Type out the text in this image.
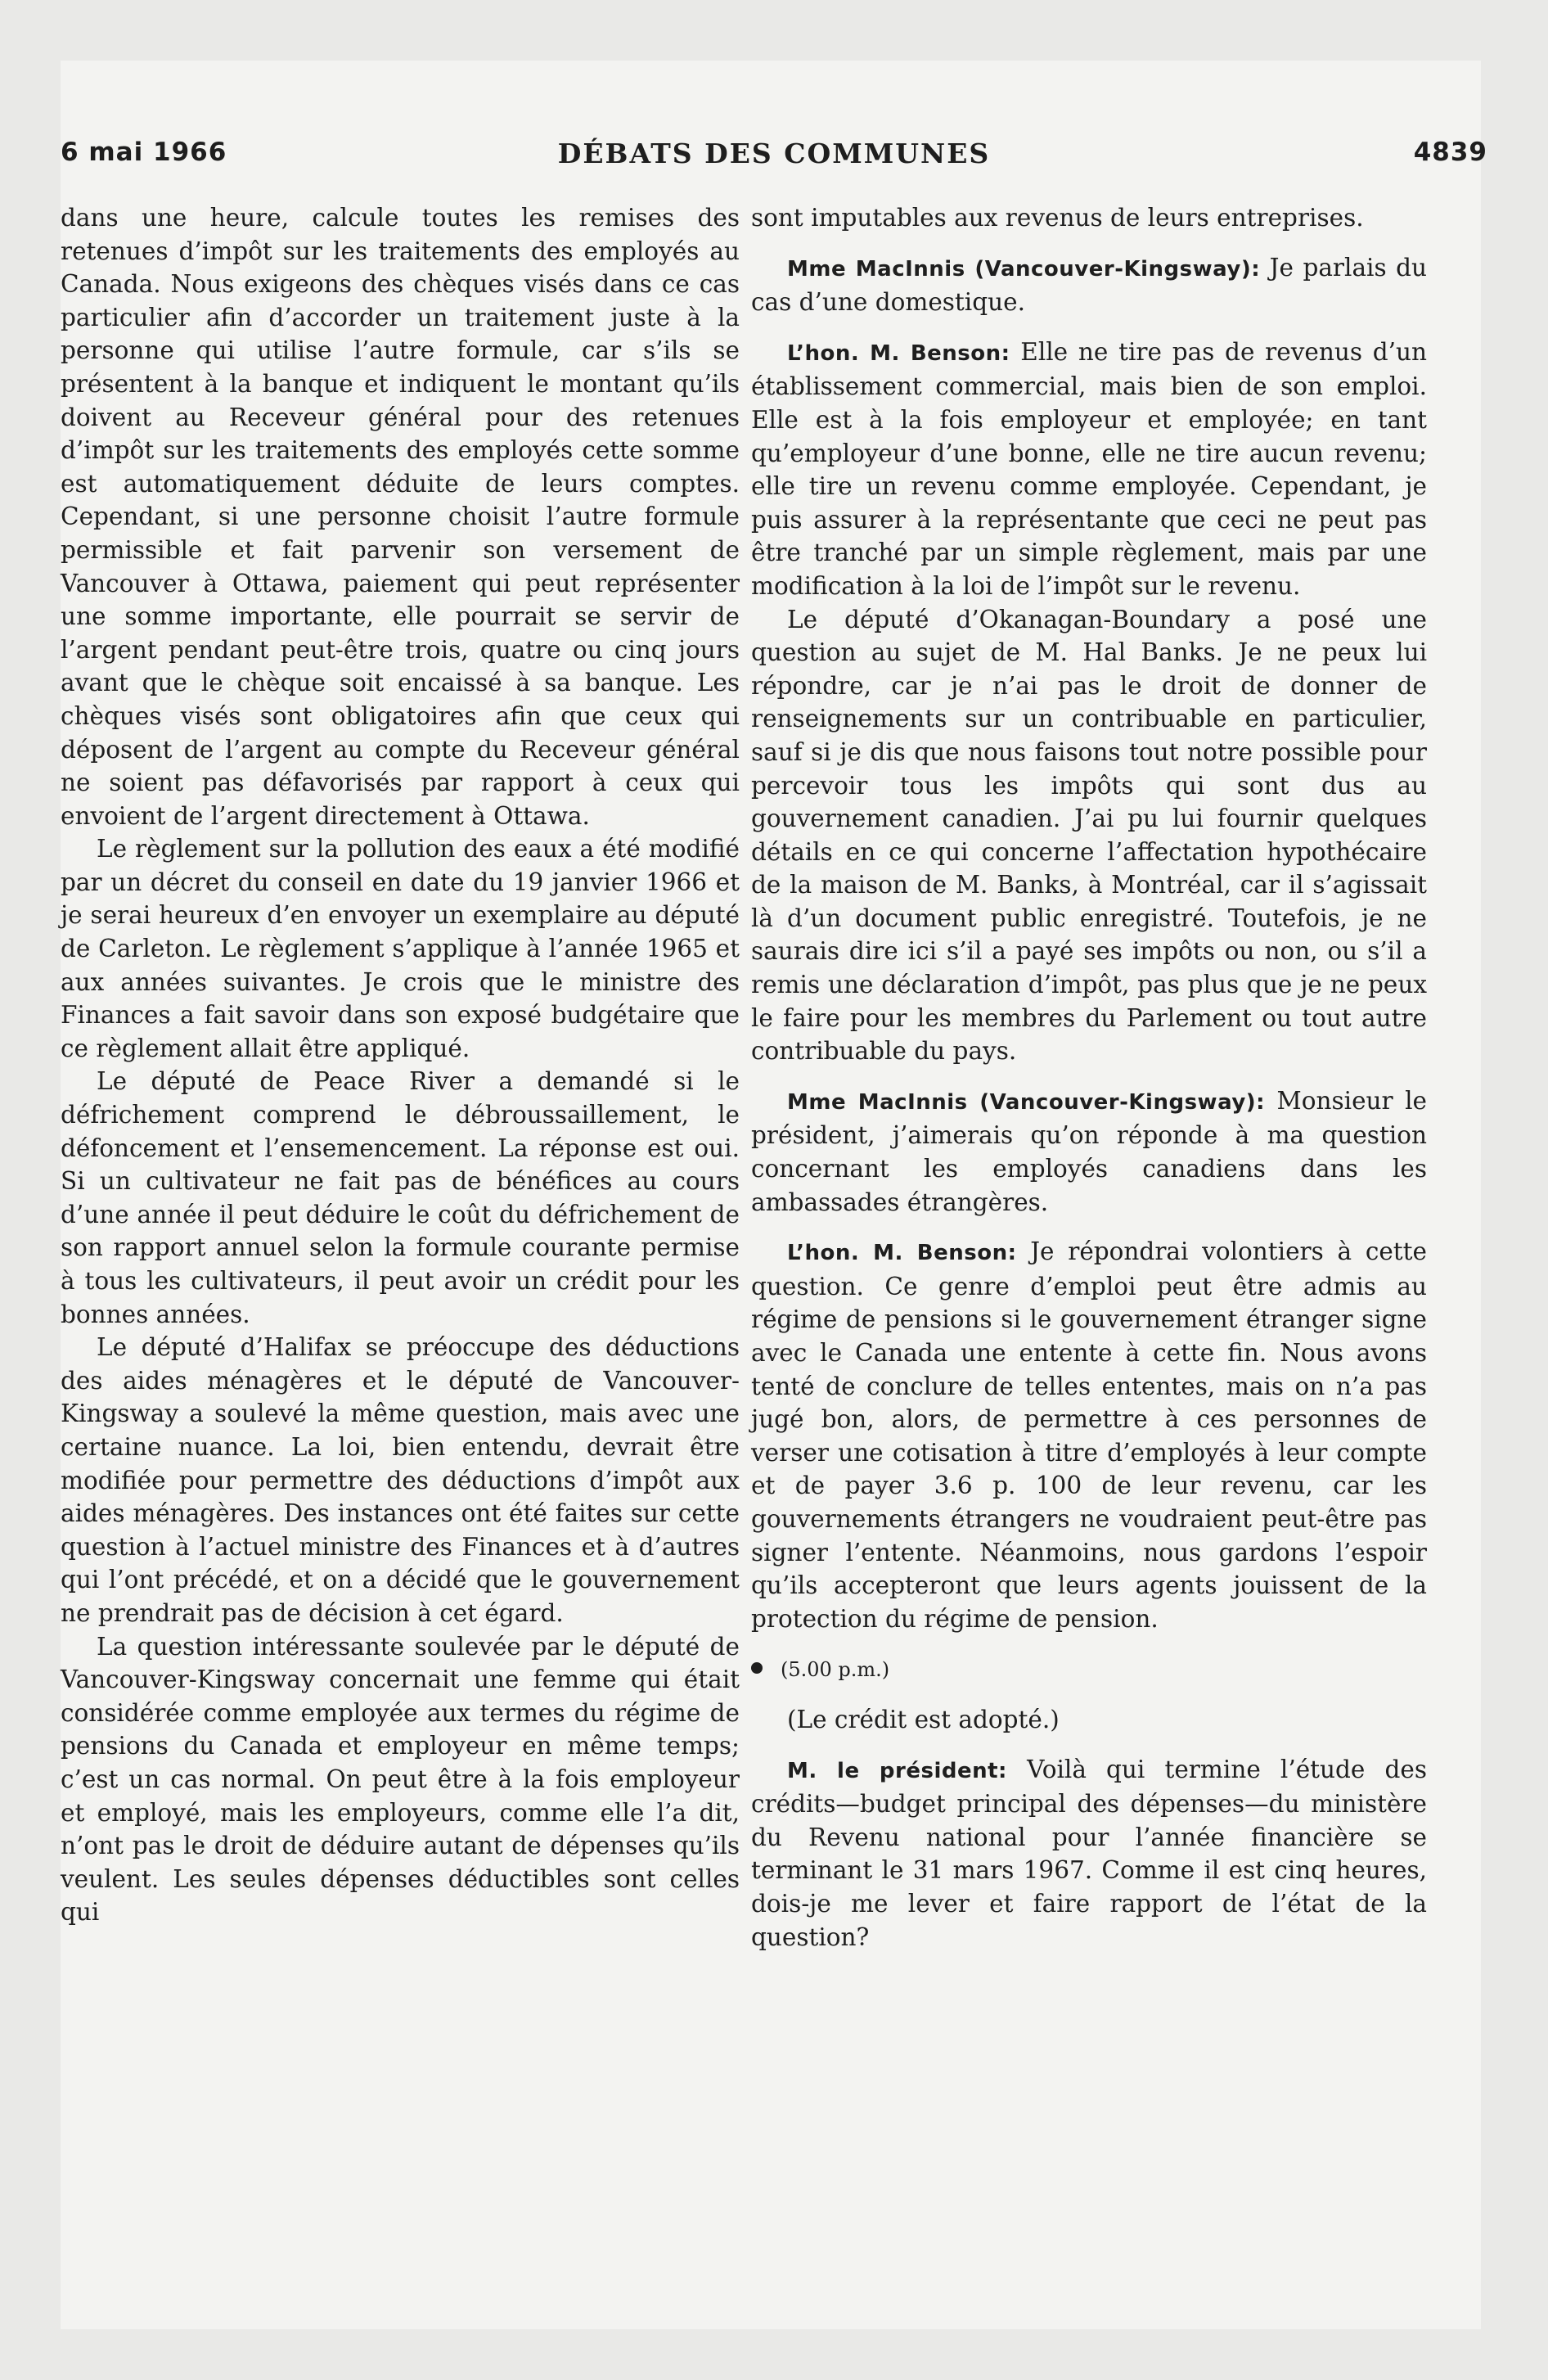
6 mai 1966	DÉBATS DES COMMUNES	4839

dans une heure, calcule toutes les remises des retenues d’impôt sur les traitements des employés au Canada. Nous exigeons des chèques visés dans ce cas particulier afin d’accorder un traitement juste à la personne qui utilise l’autre formule, car s’ils se présentent à la banque et indiquent le montant qu’ils doivent au Receveur général pour des retenues d’impôt sur les traitements des employés cette somme est automatiquement déduite de leurs comptes. Cependant, si une personne choisit l’autre formule permissible et fait parvenir son versement de Vancouver à Ottawa, paiement qui peut représenter une somme importante, elle pourrait se servir de l’argent pendant peut-être trois, quatre ou cinq jours avant que le chèque soit encaissé à sa banque. Les chèques visés sont obligatoires afin que ceux qui déposent de l’argent au compte du Receveur général ne soient pas défavorisés par rapport à ceux qui envoient de l’argent directement à Ottawa.

Le règlement sur la pollution des eaux a été modifié par un décret du conseil en date du 19 janvier 1966 et je serai heureux d’en envoyer un exemplaire au député de Carleton. Le règlement s’applique à l’année 1965 et aux années suivantes. Je crois que le ministre des Finances a fait savoir dans son exposé budgétaire que ce règlement allait être appliqué.

Le député de Peace River a demandé si le défrichement comprend le débroussaillement, le défoncement et l’ensemencement. La réponse est oui. Si un cultivateur ne fait pas de bénéfices au cours d’une année il peut déduire le coût du défrichement de son rapport annuel selon la formule courante permise à tous les cultivateurs, il peut avoir un crédit pour les bonnes années.

Le député d’Halifax se préoccupe des déductions des aides ménagères et le député de Vancouver-Kingsway a soulevé la même question, mais avec une certaine nuance. La loi, bien entendu, devrait être modifiée pour permettre des déductions d’impôt aux aides ménagères. Des instances ont été faites sur cette question à l’actuel ministre des Finances et à d’autres qui l’ont précédé, et on a décidé que le gouvernement ne prendrait pas de décision à cet égard.

La question intéressante soulevée par le député de Vancouver-Kingsway concernait une femme qui était considérée comme employée aux termes du régime de pensions du Canada et employeur en même temps; c’est un cas normal. On peut être à la fois employeur et employé, mais les employeurs, comme elle l’a dit, n’ont pas le droit de déduire autant de dépenses qu’ils veulent. Les seules dépenses déductibles sont celles qui

sont imputables aux revenus de leurs entreprises.

Mme MacInnis (Vancouver-Kingsway): Je parlais du cas d’une domestique.

L’hon. M. Benson: Elle ne tire pas de revenus d’un établissement commercial, mais bien de son emploi. Elle est à la fois employeur et employée; en tant qu’employeur d’une bonne, elle ne tire aucun revenu; elle tire un revenu comme employée. Cependant, je puis assurer à la représentante que ceci ne peut pas être tranché par un simple règlement, mais par une modification à la loi de l’impôt sur le revenu.

Le député d’Okanagan-Boundary a posé une question au sujet de M. Hal Banks. Je ne peux lui répondre, car je n’ai pas le droit de donner de renseignements sur un contribuable en particulier, sauf si je dis que nous faisons tout notre possible pour percevoir tous les impôts qui sont dus au gouvernement canadien. J’ai pu lui fournir quelques détails en ce qui concerne l’affectation hypothécaire de la maison de M. Banks, à Montréal, car il s’agissait là d’un document public enregistré. Toutefois, je ne saurais dire ici s’il a payé ses impôts ou non, ou s’il a remis une déclaration d’impôt, pas plus que je ne peux le faire pour les membres du Parlement ou tout autre contribuable du pays.

Mme MacInnis (Vancouver-Kingsway): Monsieur le président, j’aimerais qu’on réponde à ma question concernant les employés canadiens dans les ambassades étrangères.

L’hon. M. Benson: Je répondrai volontiers à cette question. Ce genre d’emploi peut être admis au régime de pensions si le gouvernement étranger signe avec le Canada une entente à cette fin. Nous avons tenté de conclure de telles ententes, mais on n’a pas jugé bon, alors, de permettre à ces personnes de verser une cotisation à titre d’employés à leur compte et de payer 3.6 p. 100 de leur revenu, car les gouvernements étrangers ne voudraient peut-être pas signer l’entente. Néanmoins, nous gardons l’espoir qu’ils accepteront que leurs agents jouissent de la protection du régime de pension.

(5.00 p.m.)

(Le crédit est adopté.)

M. le président: Voilà qui termine l’étude des crédits—budget principal des dépenses—du ministère du Revenu national pour l’année financière se terminant le 31 mars 1967. Comme il est cinq heures, dois-je me lever et faire rapport de l’état de la question?
